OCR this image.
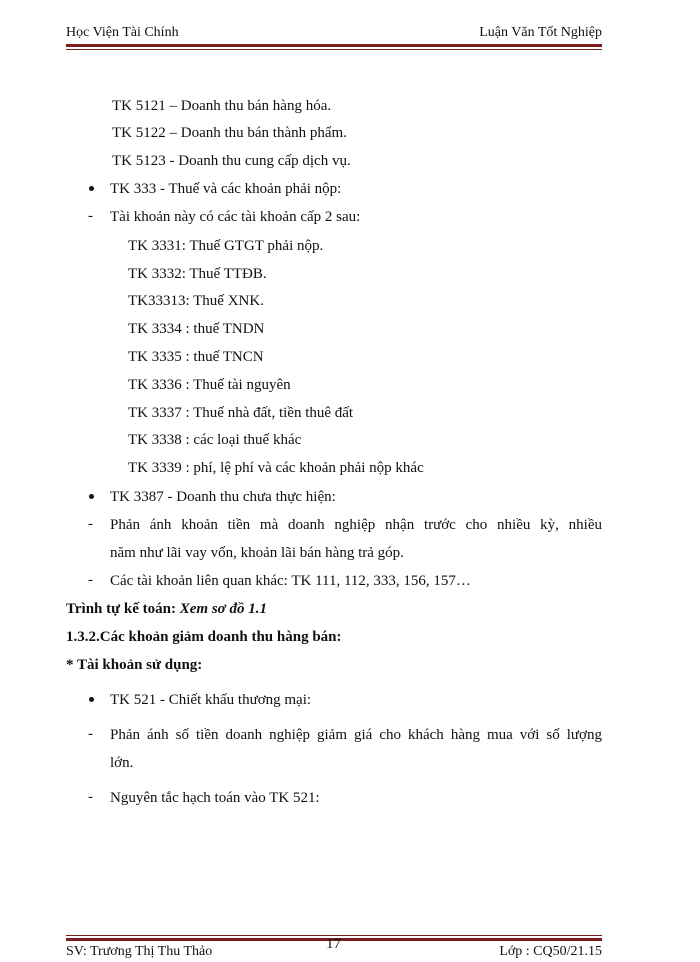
Học Viện Tài Chính	Luận Văn Tốt Nghiệp
TK 5121 – Doanh thu bán hàng hóa.
TK 5122 – Doanh thu bán thành phẩm.
TK 5123 - Doanh thu cung cấp dịch vụ.
TK 333 - Thuế và các khoản phải nộp:
- Tài khoản này có các tài khoản cấp 2 sau:
TK 3331: Thuế GTGT phải nộp.
TK 3332: Thuế TTĐB.
TK33313: Thuế XNK.
TK 3334 : thuế TNDN
TK 3335 : thuế TNCN
TK 3336 : Thuế tài nguyên
TK 3337 : Thuế nhà đất, tiền thuê đất
TK 3338 : các loại thuế khác
TK 3339 : phí, lệ phí và các khoản phải nộp khác
TK 3387 - Doanh thu chưa thực hiện:
- Phản ánh khoản tiền mà doanh nghiệp nhận trước cho nhiều kỳ, nhiều
năm như lãi vay vốn, khoản lãi bán hàng trả góp.
- Các tài khoản liên quan khác: TK 111, 112, 333, 156, 157…
Trình tự kế toán: Xem sơ đồ 1.1
1.3.2.Các khoản giảm doanh thu hàng bán:
* Tài khoản sử dụng:
TK 521 - Chiết khấu thương mại:
- Phản ánh số tiền doanh nghiệp giảm giá cho khách hàng mua với số lượng
lớn.
- Nguyên tắc hạch toán vào TK 521:
17
SV: Trương Thị Thu Thảo	Lớp : CQ50/21.15
